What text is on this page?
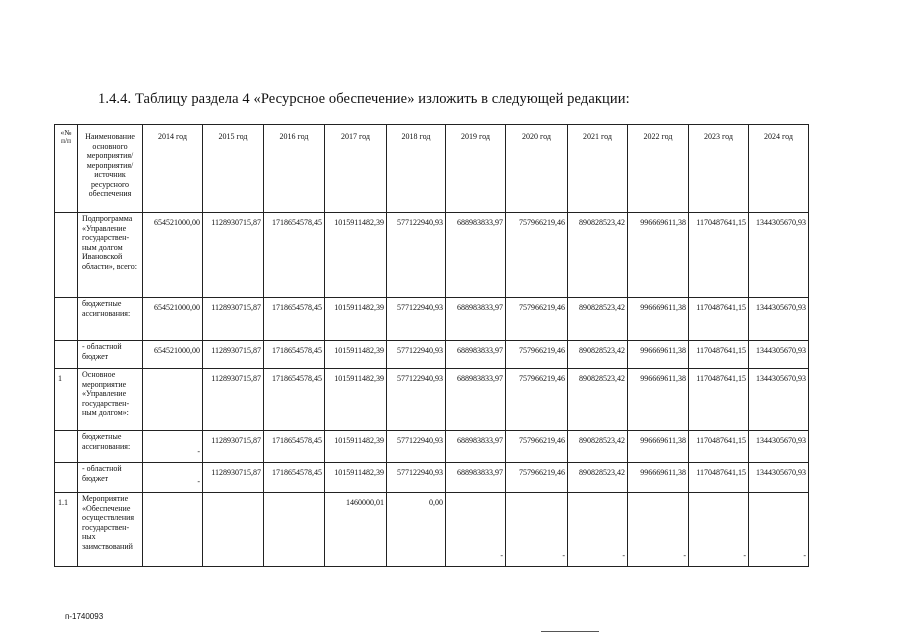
1.4.4. Таблицу раздела 4 «Ресурсное обеспечение» изложить в следующей редакции:
«№ п/п	Наименование основного мероприятия/ мероприятия/ источник ресурсного обеспечения	2014 год	2015 год	2016 год	2017 год	2018 год	2019 год	2020 год	2021 год	2022 год	2023 год	2024 год
	Подпрограмма «Управление государствен-ным долгом Ивановской области», всего:	654521000,00	1128930715,87	1718654578,45	1015911482,39	577122940,93	688983833,97	757966219,46	890828523,42	996669611,38	1170487641,15	1344305670,93
	бюджетные ассигнования:	654521000,00	1128930715,87	1718654578,45	1015911482,39	577122940,93	688983833,97	757966219,46	890828523,42	996669611,38	1170487641,15	1344305670,93
	- областной бюджет	654521000,00	1128930715,87	1718654578,45	1015911482,39	577122940,93	688983833,97	757966219,46	890828523,42	996669611,38	1170487641,15	1344305670,93
1	Основное мероприятие «Управление государствен-ным долгом»:		1128930715,87	1718654578,45	1015911482,39	577122940,93	688983833,97	757966219,46	890828523,42	996669611,38	1170487641,15	1344305670,93
	бюджетные ассигнования:	-	1128930715,87	1718654578,45	1015911482,39	577122940,93	688983833,97	757966219,46	890828523,42	996669611,38	1170487641,15	1344305670,93
	- областной бюджет	-	1128930715,87	1718654578,45	1015911482,39	577122940,93	688983833,97	757966219,46	890828523,42	996669611,38	1170487641,15	1344305670,93
1.1	Мероприятие «Обеспечение осуществления государствен-ных заимствований				1460000,01	0,00	-	-	-	-	-	-
п-1740093
